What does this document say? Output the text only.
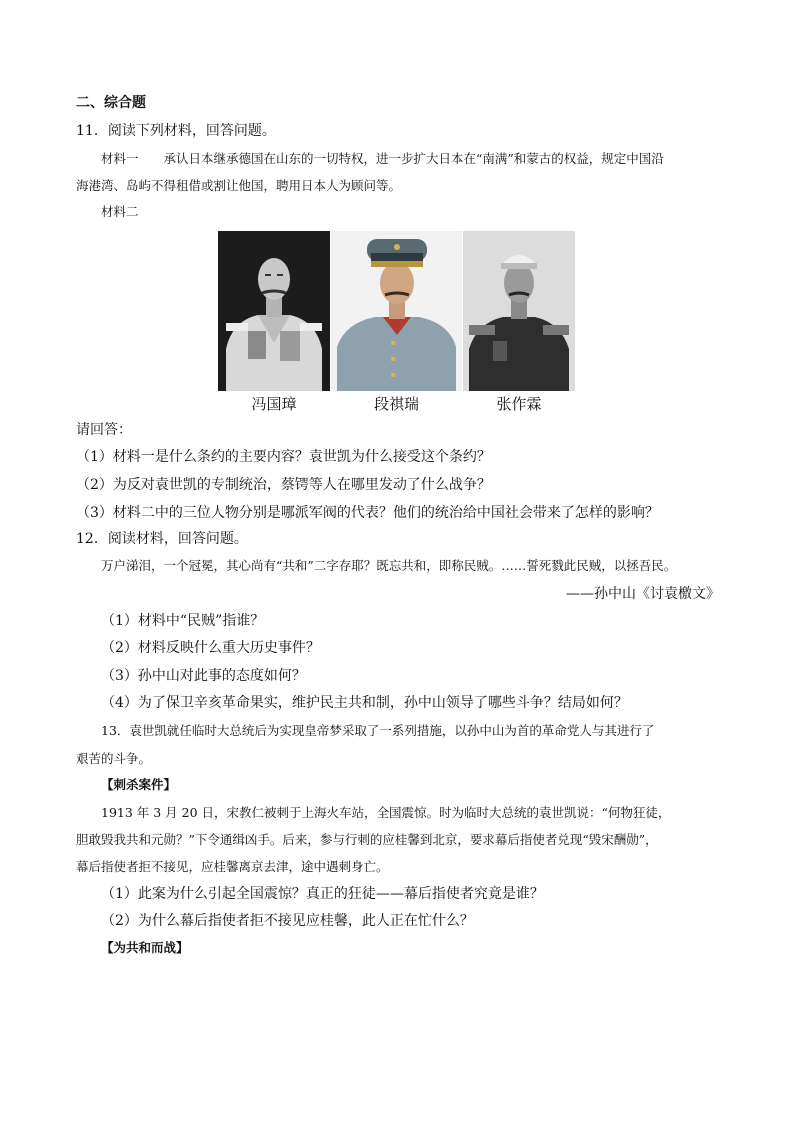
二、综合题
11．阅读下列材料，回答问题。
材料一　　承认日本继承德国在山东的一切特权，进一步扩大日本在“南满”和蒙古的权益，规定中国沿
海港湾、岛屿不得租借或割让他国，聘用日本人为顾问等。
材料二
冯国璋	段祺瑞	张作霖
请回答：
（1）材料一是什么条约的主要内容？袁世凯为什么接受这个条约？
（2）为反对袁世凯的专制统治，蔡锷等人在哪里发动了什么战争？
（3）材料二中的三位人物分别是哪派军阀的代表？他们的统治给中国社会带来了怎样的影响？
12．阅读材料，回答问题。
万户涕泪，一个冠冕，其心尚有“共和”二字存耶？既忘共和，即称民贼。……誓死戮此民贼，以拯吾民。
——孙中山《讨袁檄文》
（1）材料中“民贼”指谁？
（2）材料反映什么重大历史事件？
（3）孙中山对此事的态度如何？
（4）为了保卫辛亥革命果实，维护民主共和制，孙中山领导了哪些斗争？结局如何？
13．袁世凯就任临时大总统后为实现皇帝梦采取了一系列措施，以孙中山为首的革命党人与其进行了
艰苦的斗争。
【刺杀案件】
1913 年 3 月 20 日，宋教仁被刺于上海火车站，全国震惊。时为临时大总统的袁世凯说：“何物狂徒，
胆敢毁我共和元勋？”下令通缉凶手。后来，参与行刺的应桂馨到北京，要求幕后指使者兑现“毁宋酬勋”，
幕后指使者拒不接见，应桂馨离京去津，途中遇刺身亡。
（1）此案为什么引起全国震惊？真正的狂徒——幕后指使者究竟是谁？
（2）为什么幕后指使者拒不接见应桂馨，此人正在忙什么？
【为共和而战】
